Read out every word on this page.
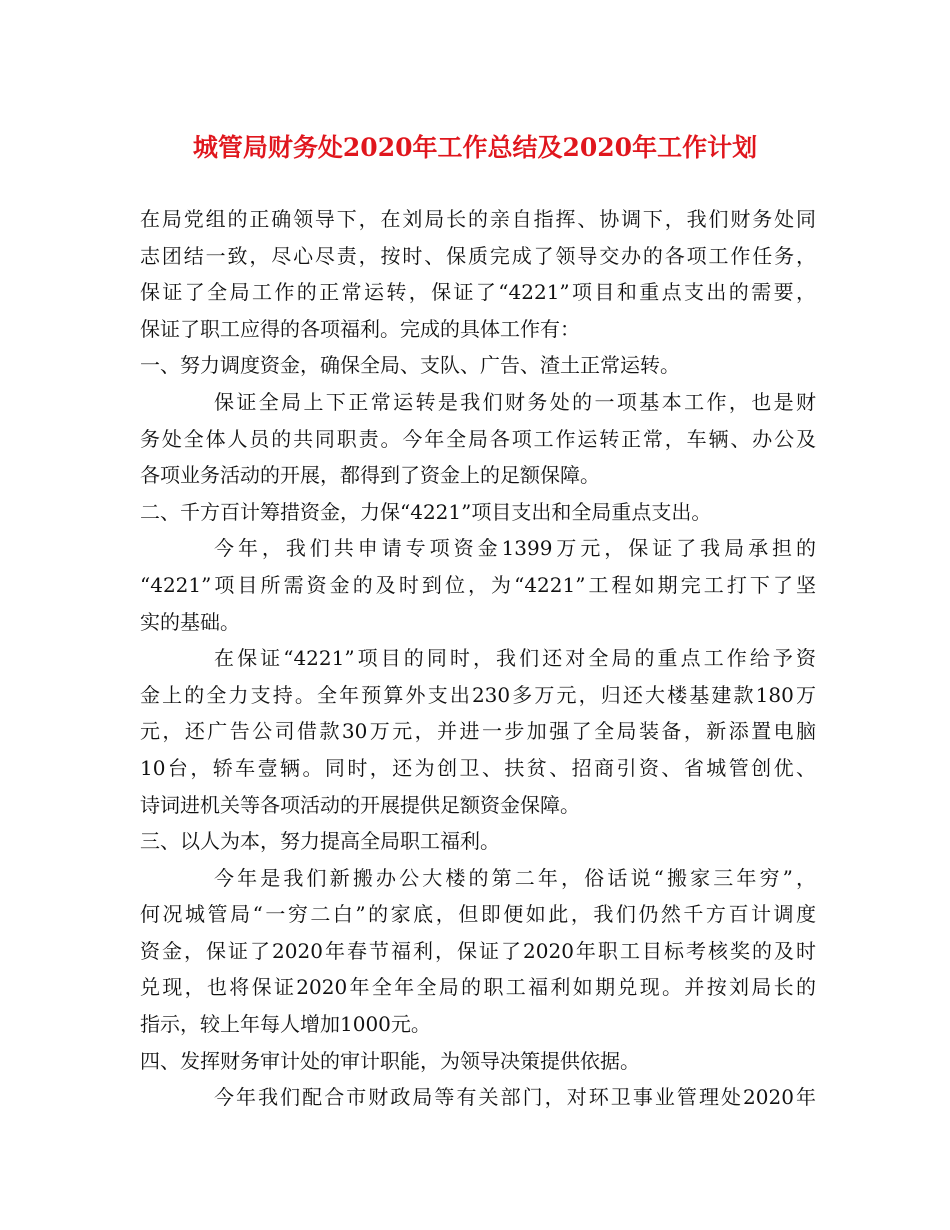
城管局财务处2020年工作总结及2020年工作计划
在局党组的正确领导下，在刘局长的亲自指挥、协调下，我们财务处同
志团结一致，尽心尽责，按时、保质完成了领导交办的各项工作任务，
保证了全局工作的正常运转，保证了“4221”项目和重点支出的需要，
保证了职工应得的各项福利。完成的具体工作有：
一、努力调度资金，确保全局、支队、广告、渣土正常运转。
保证全局上下正常运转是我们财务处的一项基本工作，也是财
务处全体人员的共同职责。今年全局各项工作运转正常，车辆、办公及
各项业务活动的开展，都得到了资金上的足额保障。
二、千方百计筹措资金，力保“4221”项目支出和全局重点支出。
今年，我们共申请专项资金1399万元，保证了我局承担的
“4221”项目所需资金的及时到位，为“4221”工程如期完工打下了坚
实的基础。
在保证“4221”项目的同时，我们还对全局的重点工作给予资
金上的全力支持。全年预算外支出230多万元，归还大楼基建款180万
元，还广告公司借款30万元，并进一步加强了全局装备，新添置电脑
10台，轿车壹辆。同时，还为创卫、扶贫、招商引资、省城管创优、
诗词进机关等各项活动的开展提供足额资金保障。
三、以人为本，努力提高全局职工福利。
今年是我们新搬办公大楼的第二年，俗话说“搬家三年穷”，
何况城管局“一穷二白”的家底，但即便如此，我们仍然千方百计调度
资金，保证了2020年春节福利，保证了2020年职工目标考核奖的及时
兑现，也将保证2020年全年全局的职工福利如期兑现。并按刘局长的
指示，较上年每人增加1000元。
四、发挥财务审计处的审计职能，为领导决策提供依据。
今年我们配合市财政局等有关部门，对环卫事业管理处2020年
